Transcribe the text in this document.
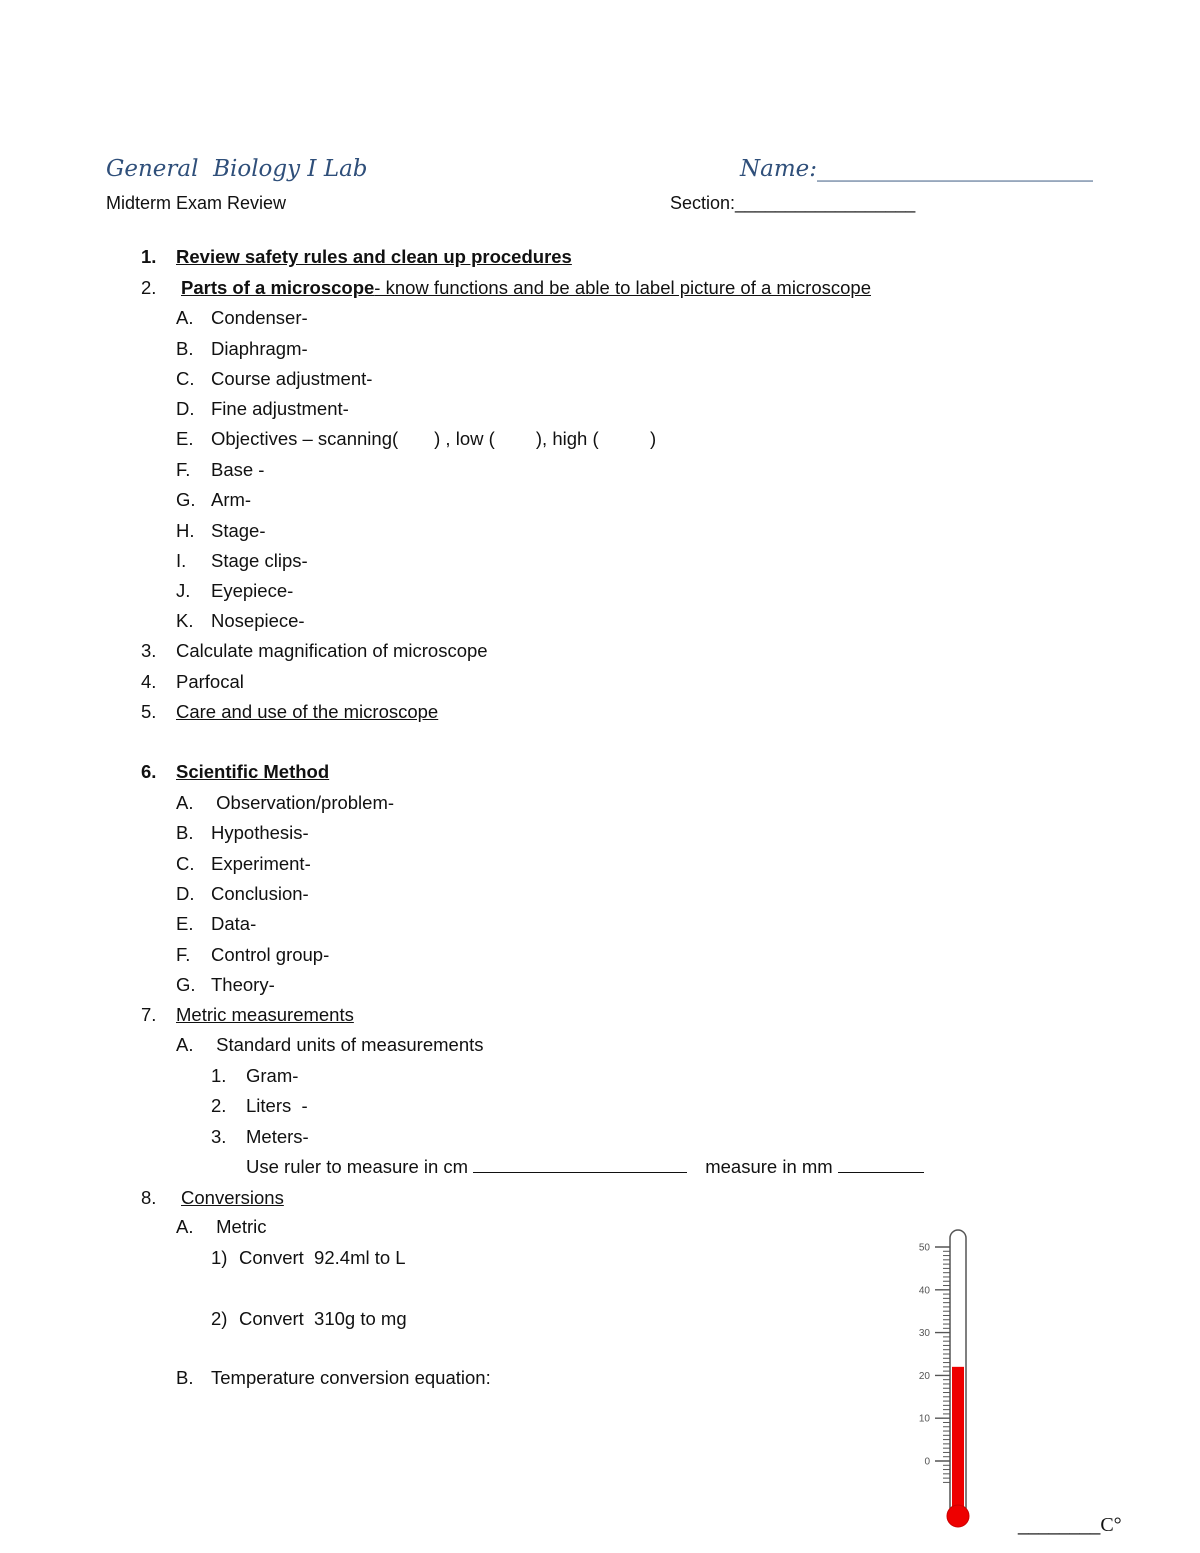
General  Biology I Lab	Name:________________________
Midterm Exam Review	Section:__________________
1. Review safety rules and clean up procedures
2. Parts of a microscope- know functions and be able to label picture of a microscope
A. Condenser-
B. Diaphragm-
C. Course adjustment-
D. Fine adjustment-
E. Objectives – scanning(       ) , low (        ), high (          )
F. Base -
G. Arm-
H. Stage-
I. Stage clips-
J. Eyepiece-
K. Nosepiece-
3. Calculate magnification of microscope
4. Parfocal
5. Care and use of the microscope
6. Scientific Method
A. Observation/problem-
B. Hypothesis-
C. Experiment-
D. Conclusion-
E. Data-
F. Control group-
G. Theory-
7. Metric measurements
A. Standard units of measurements
1. Gram-
2. Liters  -
3. Meters-
Use ruler to measure in cm	measure in mm
8. Conversions
A. Metric
1) Convert  92.4ml to L
2) Convert  310g to mg
B. Temperature conversion equation:
50
40
30
20
10
0
________C°
